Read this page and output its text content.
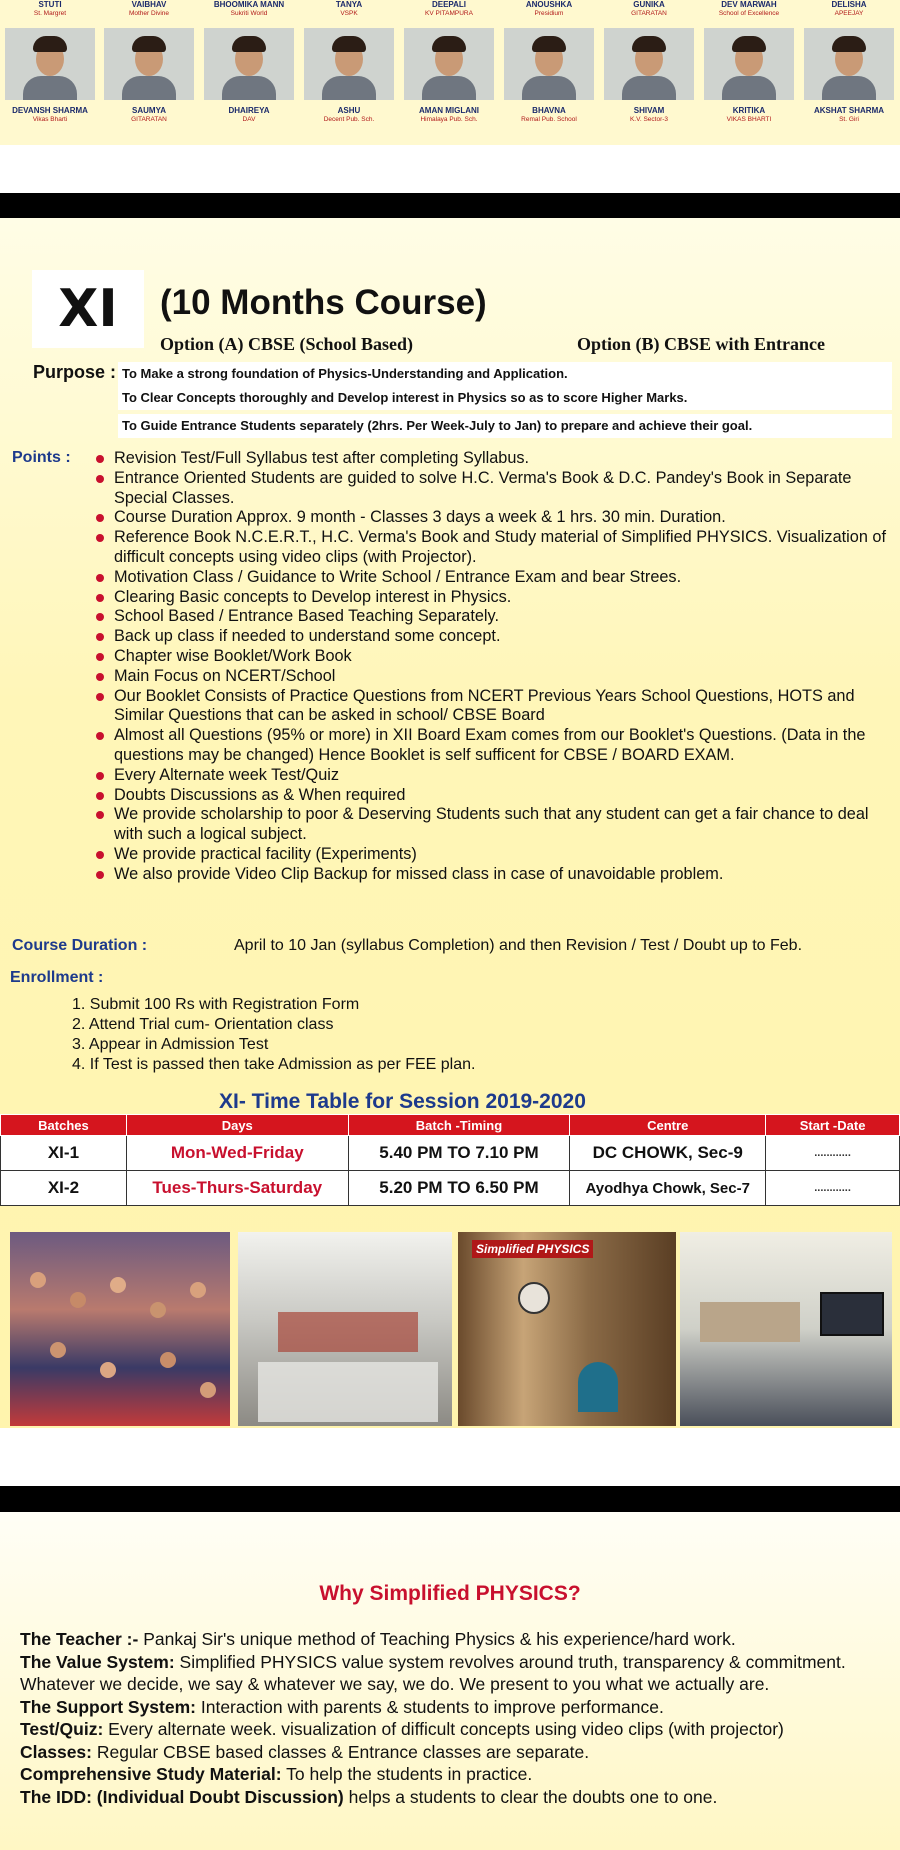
STUTI
St. Margret
VAIBHAV
Mother Divine
BHOOMIKA MANN
Sukriti World
TANYA
VSPK
DEEPALI
KV PITAMPURA
ANOUSHKA
Presidium
GUNIKA
GITARATAN
DEV MARWAH
School of Excellence
DELISHA
APEEJAY
DEVANSH SHARMA
Vikas Bharti
SAUMYA
GITARATAN
DHAIREYA
DAV
ASHU
Decent Pub. Sch.
AMAN MIGLANI
Himalaya Pub. Sch.
BHAVNA
Remal Pub. School
SHIVAM
K.V. Sector-3
KRITIKA
VIKAS BHARTI
AKSHAT SHARMA
St. Giri
XI	(10 Months Course)
Option (A) CBSE (School Based)	Option (B) CBSE with Entrance
Purpose : To Make a strong foundation of Physics-Understanding and Application.
To Clear Concepts thoroughly and Develop interest in Physics so as to score Higher Marks.
To Guide Entrance Students separately (2hrs. Per Week-July to Jan) to prepare and achieve their goal.
Points :	Revision Test/Full Syllabus test after completing Syllabus.
Entrance Oriented Students are guided to solve H.C. Verma's Book & D.C. Pandey's Book in Separate Special Classes.
Course Duration Approx. 9 month - Classes 3 days a week & 1 hrs. 30 min. Duration.
Reference Book N.C.E.R.T., H.C. Verma's Book and Study material of Simplified PHYSICS. Visualization of difficult concepts using video clips (with Projector).
Motivation Class / Guidance to Write School / Entrance Exam and bear Strees.
Clearing Basic concepts to Develop interest in Physics.
School Based / Entrance Based Teaching Separately.
Back up class if needed to understand some concept.
Chapter wise Booklet/Work Book
Main Focus on NCERT/School
Our Booklet Consists of Practice Questions from NCERT Previous Years School Questions, HOTS and Similar Questions that can be asked in school/ CBSE Board
Almost all Questions (95% or more) in XII Board Exam comes from our Booklet's Questions. (Data in the questions may be changed) Hence Booklet is self sufficent for CBSE / BOARD EXAM.
Every Alternate week Test/Quiz
Doubts Discussions as & When required
We provide scholarship to poor & Deserving Students such that any student can get a fair chance to deal with such a logical subject.
We provide practical facility (Experiments)
We also provide Video Clip Backup for missed class in case of unavoidable problem.
Course Duration :	April to 10 Jan (syllabus Completion) and then Revision / Test / Doubt up to Feb.
Enrollment :
1. Submit 100 Rs with Registration Form
2. Attend Trial cum- Orientation class
3. Appear in Admission Test
4. If Test is passed then take Admission as per FEE plan.
XI- Time Table for Session 2019-2020
Batches	Days	Batch -Timing	Centre	Start -Date
XI-1	Mon-Wed-Friday	5.40 PM TO 7.10 PM	DC CHOWK, Sec-9	............
XI-2	Tues-Thurs-Saturday	5.20 PM TO 6.50 PM	Ayodhya Chowk, Sec-7	............
Simplified PHYSICS
Why Simplified PHYSICS?
The Teacher :- Pankaj Sir's unique method of Teaching Physics & his experience/hard work.
The Value System: Simplified PHYSICS value system revolves around truth, transparency & commitment. Whatever we decide, we say & whatever we say, we do. We present to you what we actually are.
The Support System: Interaction with parents & students to improve performance.
Test/Quiz: Every alternate week. visualization of difficult concepts using video clips (with projector)
Classes: Regular CBSE based classes & Entrance classes are separate.
Comprehensive Study Material: To help the students in practice.
The IDD: (Individual Doubt Discussion) helps a students to clear the doubts one to one.
